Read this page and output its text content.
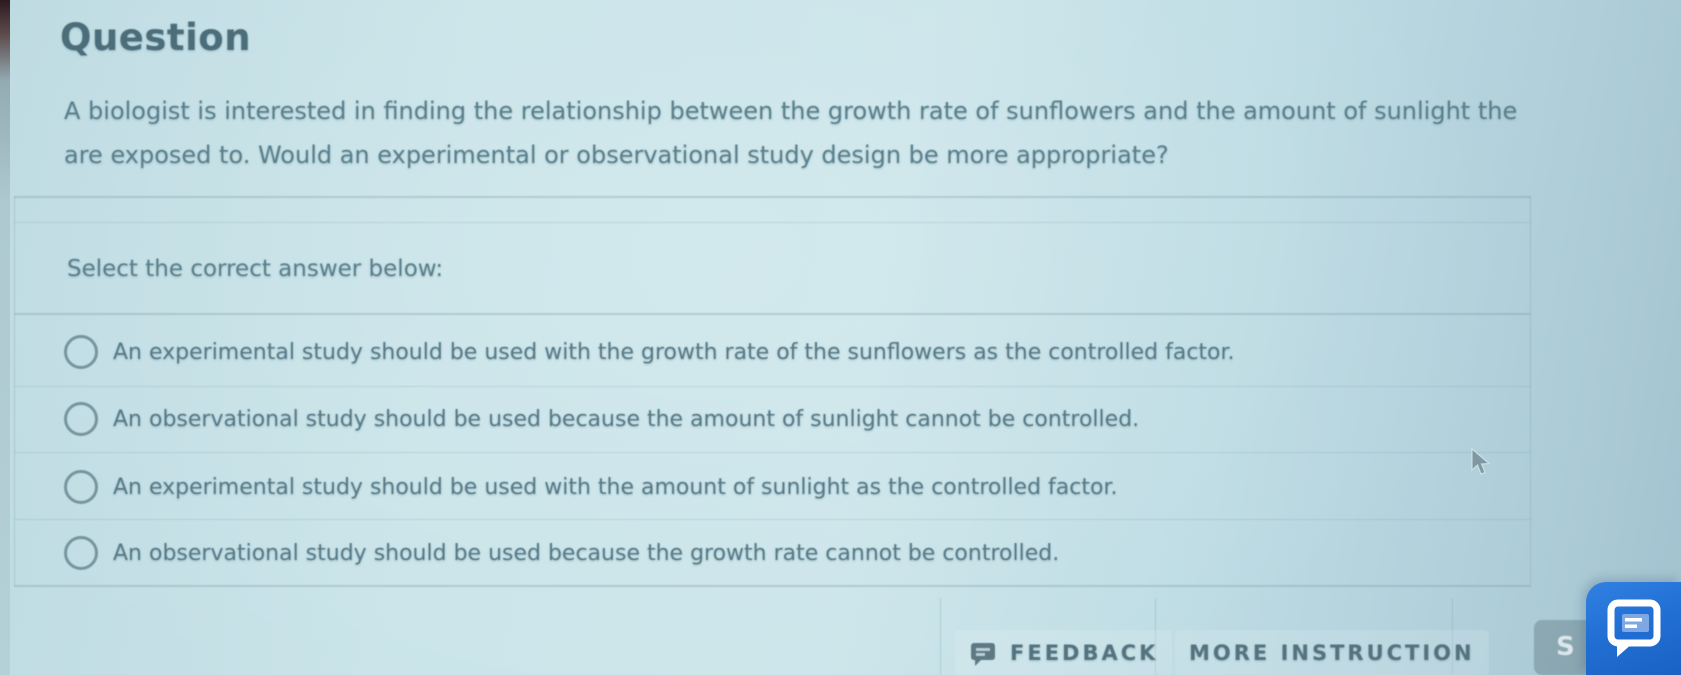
Question
A biologist is interested in finding the relationship between the growth rate of sunflowers and the amount of sunlight the
are exposed to. Would an experimental or observational study design be more appropriate?
Select the correct answer below:
An experimental study should be used with the growth rate of the sunflowers as the controlled factor.
An observational study should be used because the amount of sunlight cannot be controlled.
An experimental study should be used with the amount of sunlight as the controlled factor.
An observational study should be used because the growth rate cannot be controlled.
FEEDBACK MORE INSTRUCTION	S
